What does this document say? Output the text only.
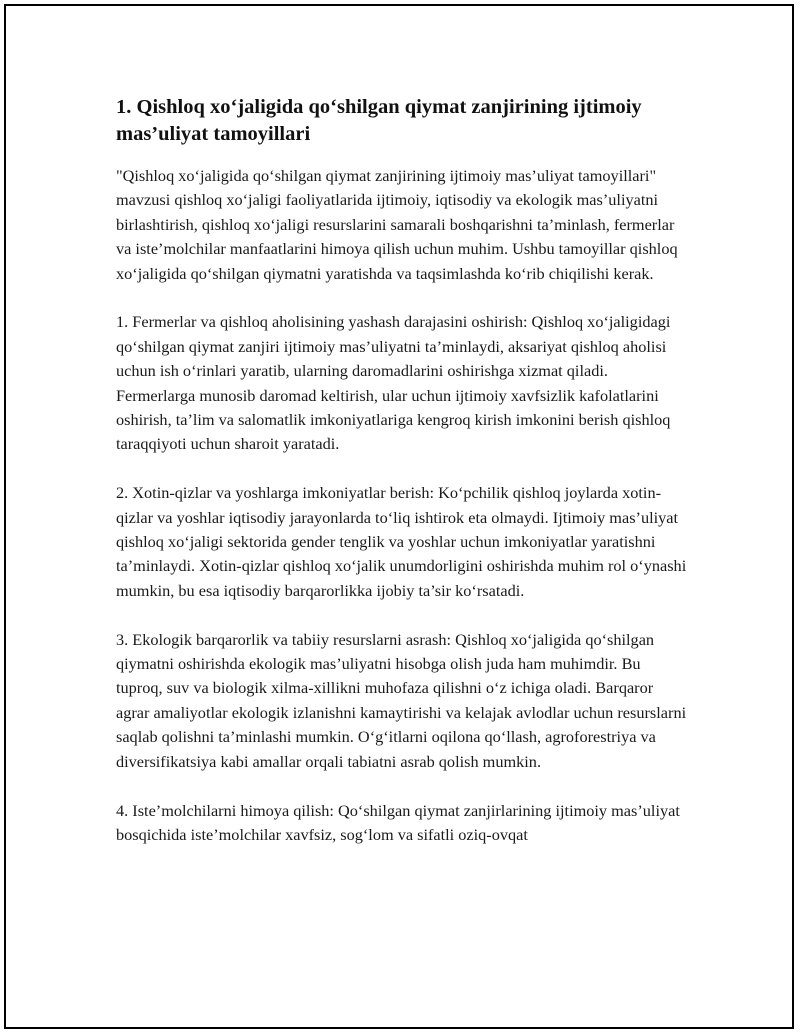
1. Qishloq xo‘jaligida qo‘shilgan qiymat zanjirining ijtimoiy mas’uliyat tamoyillari

"Qishloq xo‘jaligida qo‘shilgan qiymat zanjirining ijtimoiy mas’uliyat tamoyillari" mavzusi qishloq xo‘jaligi faoliyatlarida ijtimoiy, iqtisodiy va ekologik mas’uliyatni birlashtirish, qishloq xo‘jaligi resurslarini samarali boshqarishni ta’minlash, fermerlar va iste’molchilar manfaatlarini himoya qilish uchun muhim. Ushbu tamoyillar qishloq xo‘jaligida qo‘shilgan qiymatni yaratishda va taqsimlashda ko‘rib chiqilishi kerak.

1. Fermerlar va qishloq aholisining yashash darajasini oshirish: Qishloq xo‘jaligidagi qo‘shilgan qiymat zanjiri ijtimoiy mas’uliyatni ta’minlaydi, aksariyat qishloq aholisi uchun ish o‘rinlari yaratib, ularning daromadlarini oshirishga xizmat qiladi. Fermerlarga munosib daromad keltirish, ular uchun ijtimoiy xavfsizlik kafolatlarini oshirish, ta’lim va salomatlik imkoniyatlariga kengroq kirish imkonini berish qishloq taraqqiyoti uchun sharoit yaratadi.

2. Xotin-qizlar va yoshlarga imkoniyatlar berish: Ko‘pchilik qishloq joylarda xotin-qizlar va yoshlar iqtisodiy jarayonlarda to‘liq ishtirok eta olmaydi. Ijtimoiy mas’uliyat qishloq xo‘jaligi sektorida gender tenglik va yoshlar uchun imkoniyatlar yaratishni ta’minlaydi. Xotin-qizlar qishloq xo‘jalik unumdorligini oshirishda muhim rol o‘ynashi mumkin, bu esa iqtisodiy barqarorlikka ijobiy ta’sir ko‘rsatadi.

3. Ekologik barqarorlik va tabiiy resurslarni asrash: Qishloq xo‘jaligida qo‘shilgan qiymatni oshirishda ekologik mas’uliyatni hisobga olish juda ham muhimdir. Bu tuproq, suv va biologik xilma-xillikni muhofaza qilishni o‘z ichiga oladi. Barqaror agrar amaliyotlar ekologik izlanishni kamaytirishi va kelajak avlodlar uchun resurslarni saqlab qolishni ta’minlashi mumkin. O‘g‘itlarni oqilona qo‘llash, agroforestriya va diversifikatsiya kabi amallar orqali tabiatni asrab qolish mumkin.

4. Iste’molchilarni himoya qilish: Qo‘shilgan qiymat zanjirlarining ijtimoiy mas’uliyat bosqichida iste’molchilar xavfsiz, sog‘lom va sifatli oziq-ovqat
